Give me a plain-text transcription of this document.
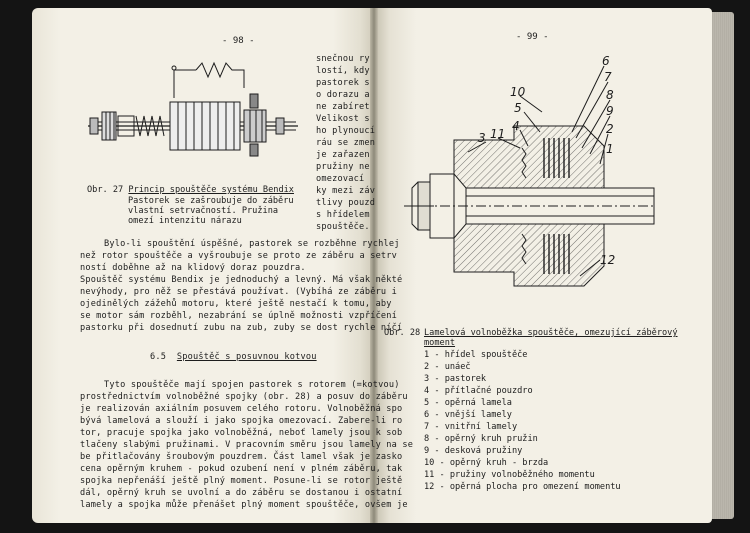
- 98 -
Obr. 27 Princip spouštěče systému Bendix
Pastorek se zašroubuje do záběru
vlastní setrvačností. Pružina
omezí intenzitu nárazu
snečnou ry
lostí, kdy
pastorek s
o dorazu a
ne zabíret
Velikost s
ho plynoucí
ráu se zmen
je zařazen
pružiny ne
omezovací
ky mezi záv
tlivy pouzd
s hřídelem
spouštěče.
Bylo-li spouštění úspěšné, pastorek se rozběhne rychlej
než rotor spouštěče a vyšroubuje se proto ze záběru a setrv
ností doběhne až na klidový doraz pouzdra.
Spouštěč systému Bendix je jednoduchý a levný. Má však někté
nevýhody, pro něž se přestává používat. (Vybíhá ze záběru i
ojedinělých zážehů motoru, které ještě nestačí k tomu, aby
se motor sám rozběhl, nezabrání se úplně možnosti vzpříčení
pastorku při dosednutí zubu na zub, zuby se dost rychle níčí
6.5 Spouštěč s posuvnou kotvou
Tyto spouštěče mají spojen pastorek s rotorem (=kotvou)
prostřednictvím volnoběžné spojky (obr. 28) a posuv do záběru
je realizován axiálním posuvem celého rotoru. Volnoběžná spo
bývá lamelová a slouží i jako spojka omezovací. Zabere-li ro
tor, pracuje spojka jako volnoběžná, neboť lamely jsou k sob
tlačeny slabými pružinami. V pracovním směru jsou lamely na se
be přitlačovány šroubovým pouzdrem. Část lamel však je zasko
cena opěrným kruhem - pokud ozubení není v plném záběru, tak
spojka nepřenáší ještě plný moment. Posune-li se rotor ještě
dál, opěrný kruh se uvolní a do záběru se dostanou i ostatní
lamely a spojka může přenášet plný moment spouštěče, ovšem je
- 99 -
6
7
8
9
2
1
10
5
3 11
4
12
Obr. 28 Lamelová volnoběžka spouštěče, omezující záběrový
moment
1 - hřídel spouštěče
2 - unáeč
3 - pastorek
4 - přítlačné pouzdro
5 - opěrná lamela
6 - vnější lamely
7 - vnitřní lamely
8 - opěrný kruh pružin
9 - desková pružiny
10 - opěrný kruh - brzda
11 - pružiny volnoběžného momentu
12 - opěrná plocha pro omezení momentu
